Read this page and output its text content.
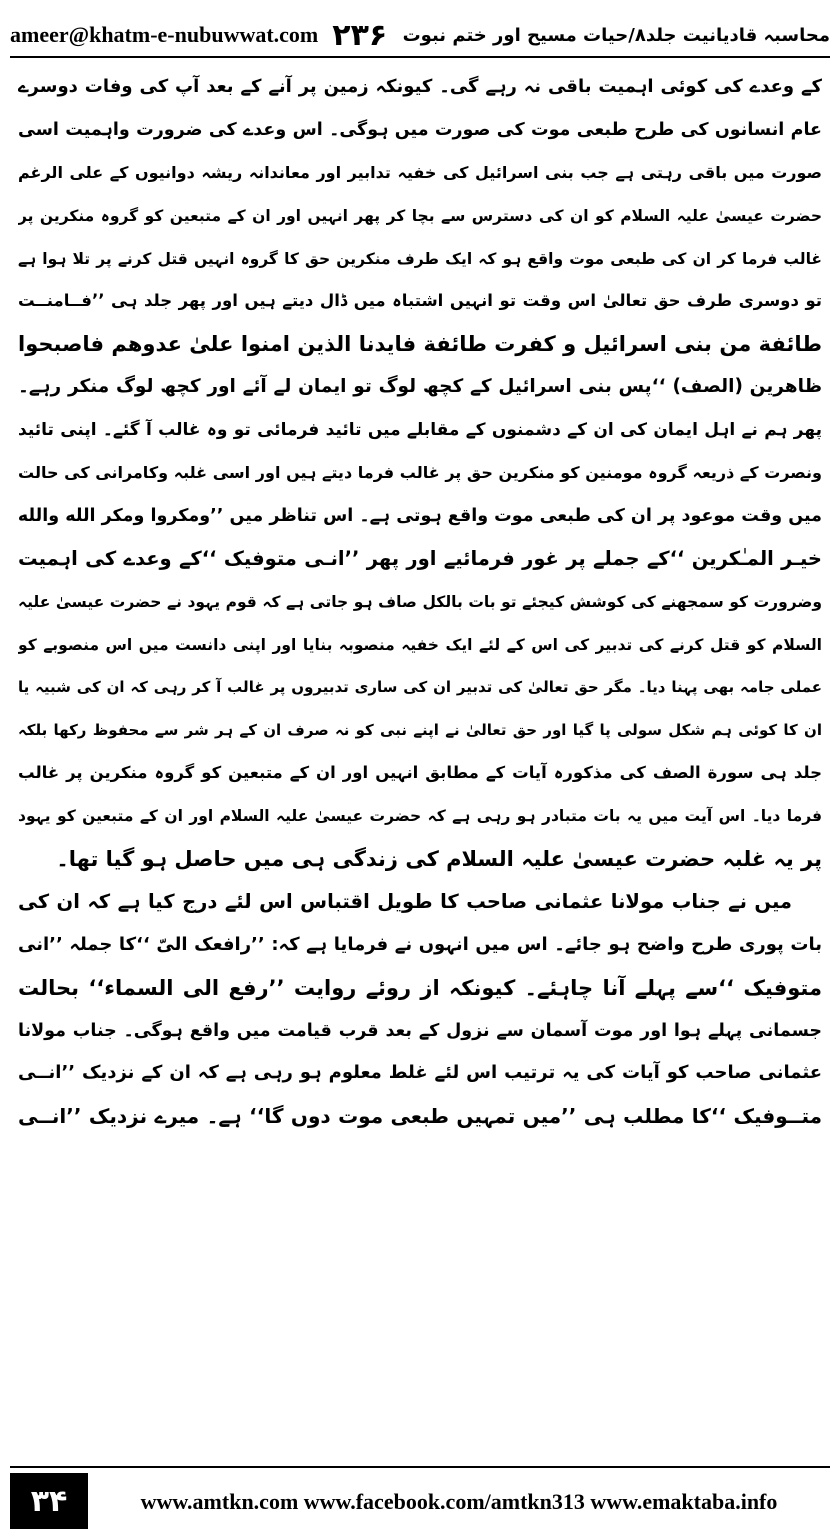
ameer@khatm-e-nubuwwat.com ۲۳۶ محاسبہ قادیانیت جلد۸/حیات مسیح اور ختم نبوت
کے وعدے کی کوئی اہمیت باقی نہ رہے گی۔ کیونکہ زمین پر آنے کے بعد آپ کی وفات دوسرے
عام انسانوں کی طرح طبعی موت کی صورت میں ہوگی۔ اس وعدے کی ضرورت واہمیت اسی
صورت میں باقی رہتی ہے جب بنی اسرائیل کی خفیہ تدابیر اور معاندانہ ریشہ دوانیوں کے علی الرغم
حضرت عیسیٰ علیہ السلام کو ان کی دسترس سے بچا کر پھر انہیں اور ان کے متبعین کو گروہ منکرین پر
غالب فرما کر ان کی طبعی موت واقع ہو کہ ایک طرف منکرین حق کا گروہ انہیں قتل کرنے پر تلا ہوا ہے
تو دوسری طرف حق تعالیٰ اس وقت تو انہیں اشتباہ میں ڈال دیتے ہیں اور پھر جلد ہی ’’فــامنــت
طائفة من بنی اسرائیل و کفرت طائفة فایدنا الذین امنوا علیٰ عدوهم فاصبحوا
ظاهرین (الصف) ‘‘پس بنی اسرائیل کے کچھ لوگ تو ایمان لے آئے اور کچھ لوگ منکر رہے۔
پھر ہم نے اہل ایمان کی ان کے دشمنوں کے مقابلے میں تائید فرمائی تو وہ غالب آ گئے۔ اپنی تائید
ونصرت کے ذریعہ گروہ مومنین کو منکرین حق پر غالب فرما دیتے ہیں اور اسی غلبہ وکامرانی کی حالت
میں وقت موعود پر ان کی طبعی موت واقع ہوتی ہے۔ اس تناظر میں ’’ومکروا ومکر الله والله
خیـر المـٰکرین ‘‘کے جملے پر غور فرمائیے اور پھر ’’انـی متوفیک ‘‘کے وعدے کی اہمیت
وضرورت کو سمجھنے کی کوشش کیجئے تو بات بالکل صاف ہو جاتی ہے کہ قوم یہود نے حضرت عیسیٰ علیہ
السلام کو قتل کرنے کی تدبیر کی اس کے لئے ایک خفیہ منصوبہ بنایا اور اپنی دانست میں اس منصوبے کو
عملی جامہ بھی پہنا دیا۔ مگر حق تعالیٰ کی تدبیر ان کی ساری تدبیروں پر غالب آ کر رہی کہ ان کی شبیہ یا
ان کا کوئی ہم شکل سولی پا گیا اور حق تعالیٰ نے اپنے نبی کو نہ صرف ان کے ہر شر سے محفوظ رکھا بلکہ
جلد ہی سورة الصف کی مذکورہ آیات کے مطابق انہیں اور ان کے متبعین کو گروہ منکرین پر غالب
فرما دیا۔ اس آیت میں یہ بات متبادر ہو رہی ہے کہ حضرت عیسیٰ علیہ السلام اور ان کے متبعین کو یہود
پر یہ غلبہ حضرت عیسیٰ علیہ السلام کی زندگی ہی میں حاصل ہو گیا تھا۔
میں نے جناب مولانا عثمانی صاحب کا طویل اقتباس اس لئے درج کیا ہے کہ ان کی
بات پوری طرح واضح ہو جائے۔ اس میں انہوں نے فرمایا ہے کہ: ’’رافعک الیّ ‘‘کا جملہ ’’انی
متوفیک ‘‘سے پہلے آنا چاہئے۔ کیونکہ از روئے روایت ’’رفع الی السماء‘‘ بحالت
جسمانی پہلے ہوا اور موت آسمان سے نزول کے بعد قرب قیامت میں واقع ہوگی۔ جناب مولانا
عثمانی صاحب کو آیات کی یہ ترتیب اس لئے غلط معلوم ہو رہی ہے کہ ان کے نزدیک ’’انــی
متــوفیک ‘‘کا مطلب ہی ’’میں تمہیں طبعی موت دوں گا‘‘ ہے۔ میرے نزدیک ’’انــی
۳۴	www.amtkn.com www.facebook.com/amtkn313 www.emaktaba.info
